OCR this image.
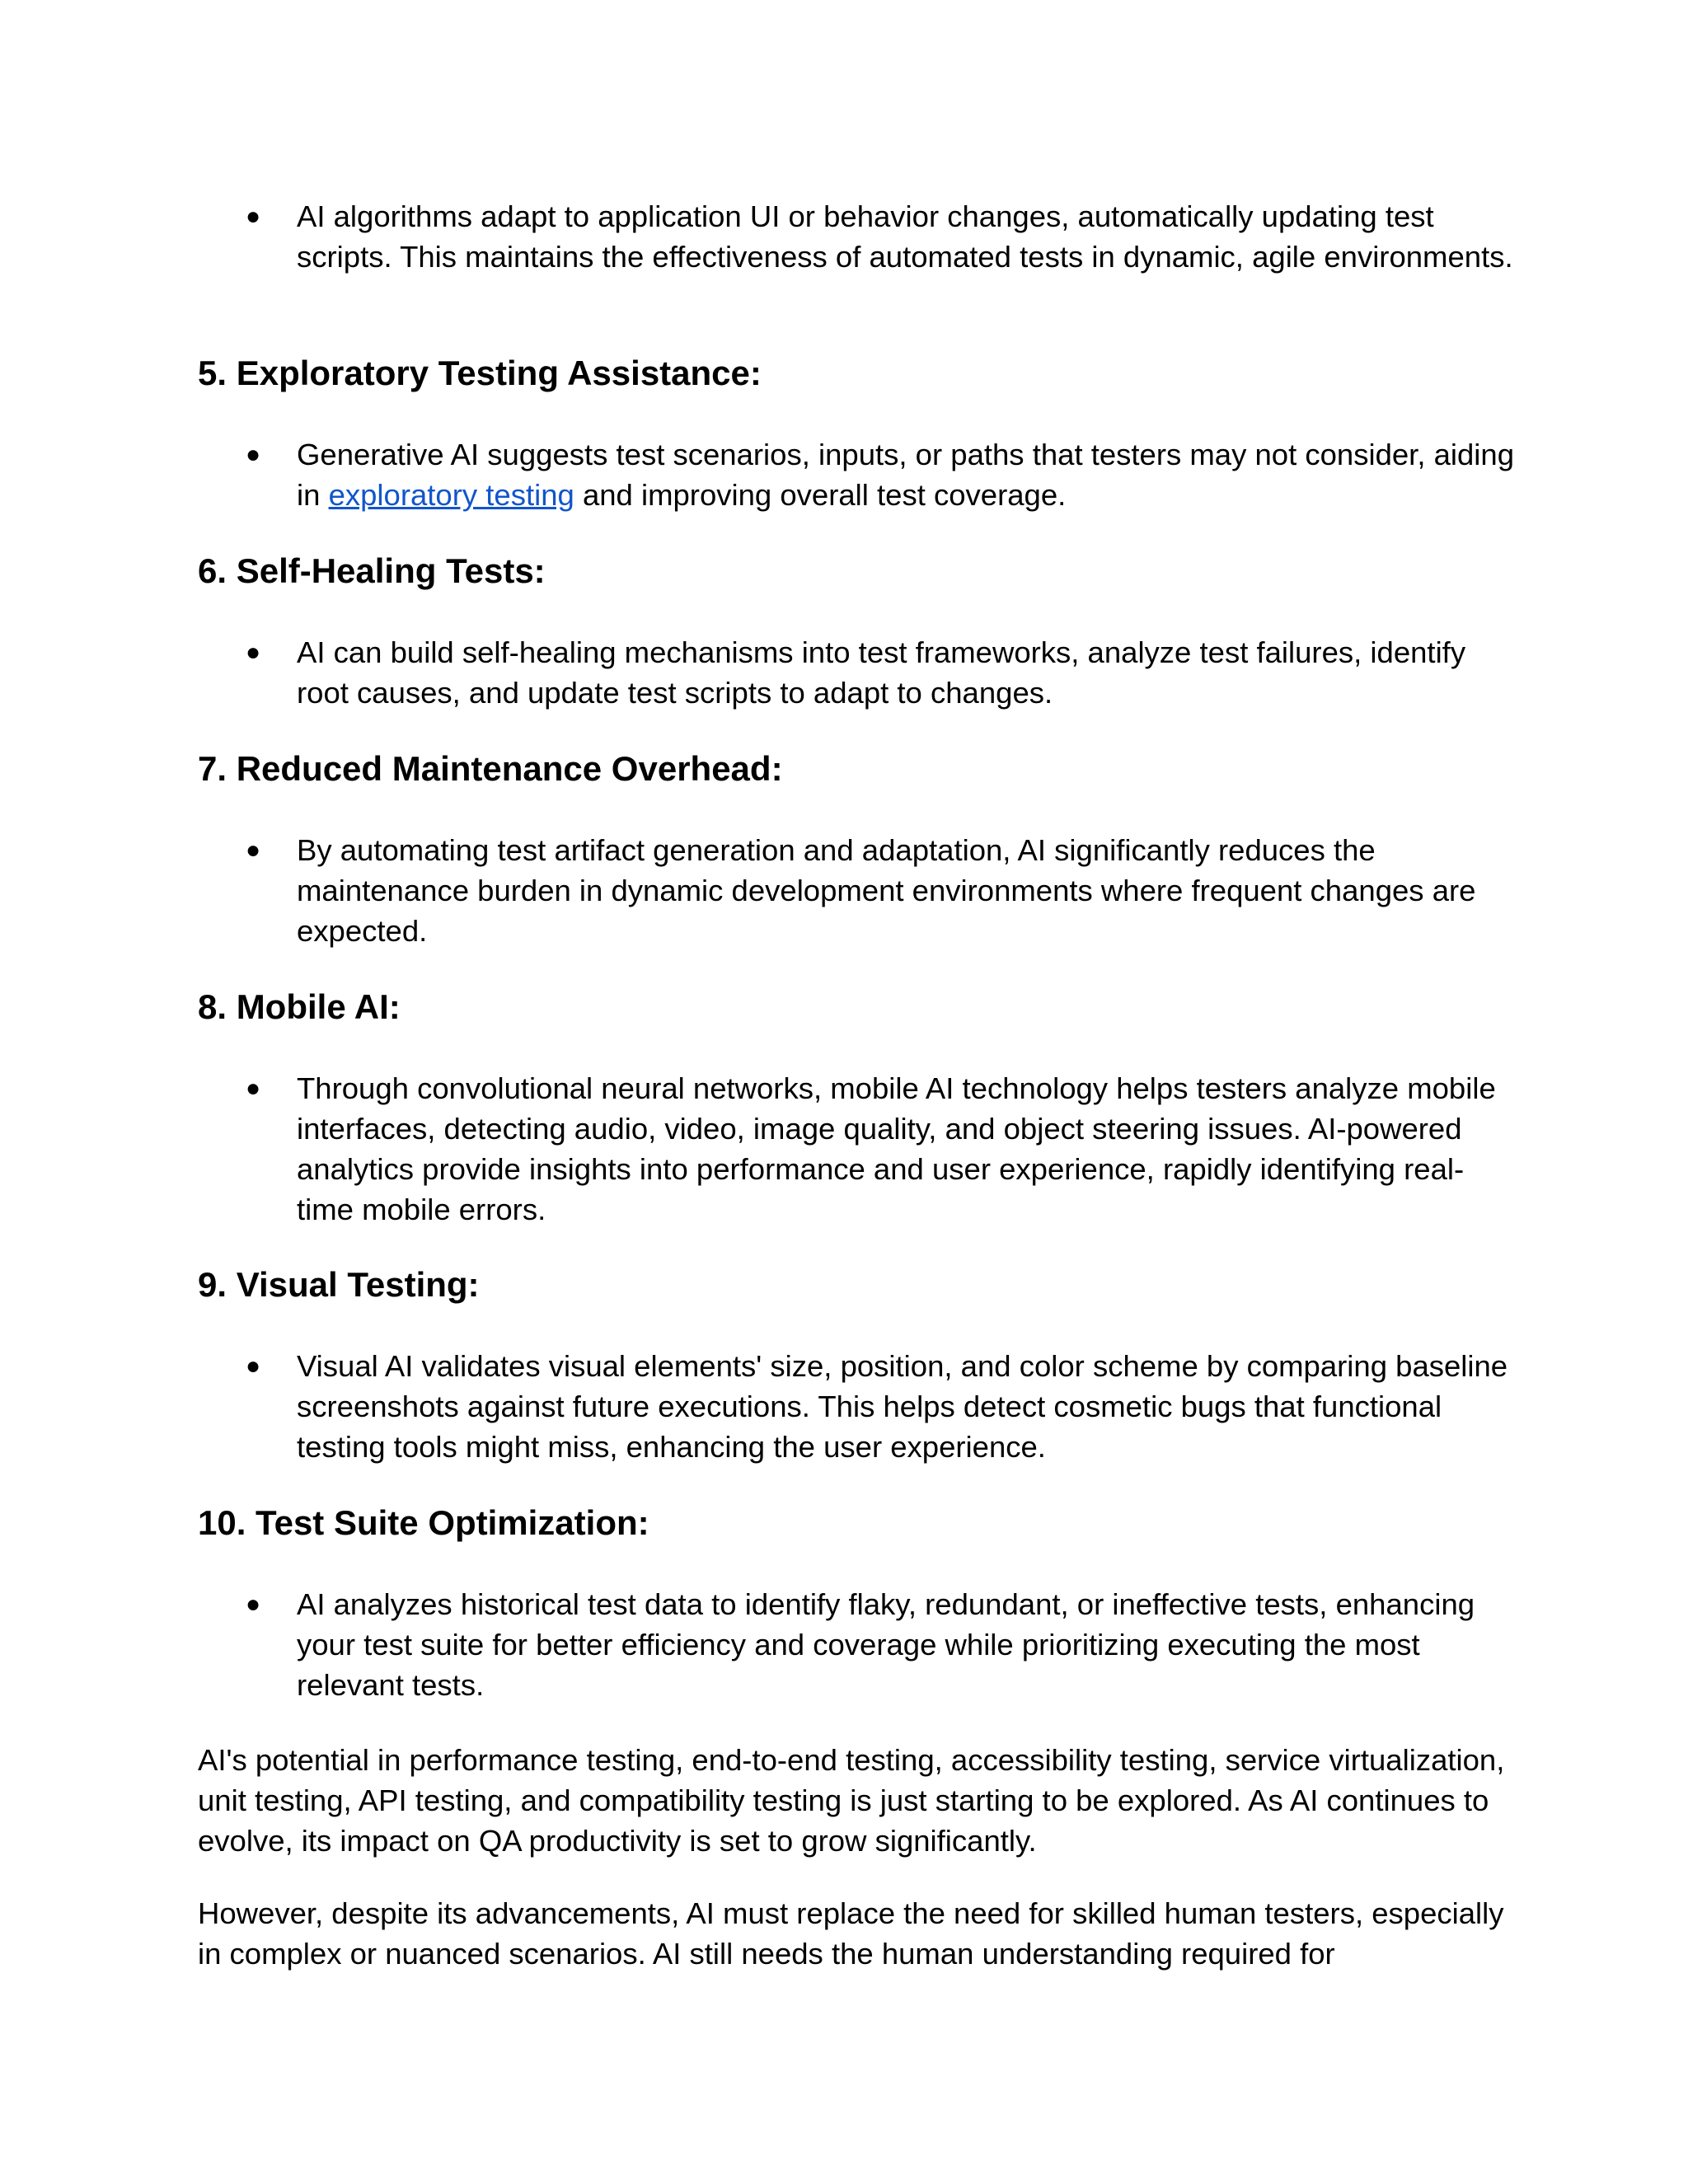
● AI algorithms adapt to application UI or behavior changes, automatically updating test scripts. This maintains the effectiveness of automated tests in dynamic, agile environments.
5. Exploratory Testing Assistance:
● Generative AI suggests test scenarios, inputs, or paths that testers may not consider, aiding in exploratory testing and improving overall test coverage.
6. Self-Healing Tests:
● AI can build self-healing mechanisms into test frameworks, analyze test failures, identify root causes, and update test scripts to adapt to changes.
7. Reduced Maintenance Overhead:
● By automating test artifact generation and adaptation, AI significantly reduces the maintenance burden in dynamic development environments where frequent changes are expected.
8. Mobile AI:
● Through convolutional neural networks, mobile AI technology helps testers analyze mobile interfaces, detecting audio, video, image quality, and object steering issues. AI-powered analytics provide insights into performance and user experience, rapidly identifying real-time mobile errors.
9. Visual Testing:
● Visual AI validates visual elements' size, position, and color scheme by comparing baseline screenshots against future executions. This helps detect cosmetic bugs that functional testing tools might miss, enhancing the user experience.
10. Test Suite Optimization:
● AI analyzes historical test data to identify flaky, redundant, or ineffective tests, enhancing your test suite for better efficiency and coverage while prioritizing executing the most relevant tests.

AI's potential in performance testing, end-to-end testing, accessibility testing, service virtualization, unit testing, API testing, and compatibility testing is just starting to be explored. As AI continues to evolve, its impact on QA productivity is set to grow significantly.

However, despite its advancements, AI must replace the need for skilled human testers, especially in complex or nuanced scenarios. AI still needs the human understanding required for
